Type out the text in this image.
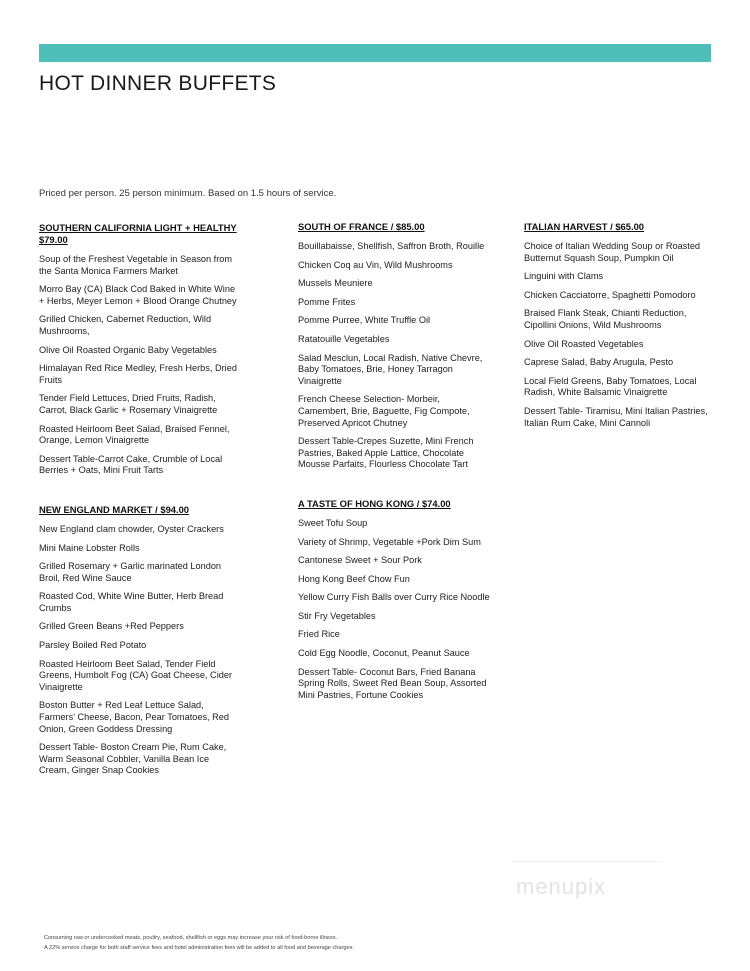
HOT DINNER BUFFETS
Priced per person. 25 person minimum. Based on 1.5 hours of service.
SOUTHERN CALIFORNIA LIGHT + HEALTHY $79.00
Soup of the Freshest Vegetable in Season from the Santa Monica Farmers Market
Morro Bay (CA) Black Cod Baked in White Wine + Herbs, Meyer Lemon + Blood Orange Chutney
Grilled Chicken, Cabernet Reduction, Wild Mushrooms,
Olive Oil Roasted Organic Baby Vegetables
Himalayan Red Rice Medley, Fresh Herbs, Dried Fruits
Tender Field Lettuces, Dried Fruits, Radish, Carrot, Black Garlic + Rosemary Vinaigrette
Roasted Heirloom Beet Salad, Braised Fennel, Orange, Lemon Vinaigrette
Dessert Table-Carrot Cake, Crumble of Local Berries + Oats, Mini Fruit Tarts
NEW ENGLAND MARKET / $94.00
New England clam chowder, Oyster Crackers
Mini Maine Lobster Rolls
Grilled Rosemary + Garlic marinated London Broil, Red Wine Sauce
Roasted Cod, White Wine Butter, Herb Bread Crumbs
Grilled Green Beans +Red Peppers
Parsley Boiled Red Potato
Roasted Heirloom Beet Salad, Tender Field Greens, Humbolt Fog (CA) Goat Cheese, Cider Vinaigrette
Boston Butter + Red Leaf Lettuce Salad, Farmers' Cheese, Bacon, Pear Tomatoes, Red Onion, Green Goddess Dressing
Dessert Table- Boston Cream Pie, Rum Cake, Warm Seasonal Cobbler, Vanilla Bean Ice Cream, Ginger Snap Cookies
SOUTH OF FRANCE / $85.00
Bouillabaisse, Shellfish, Saffron Broth, Rouille
Chicken Coq au Vin, Wild Mushrooms
Mussels Meuniere
Pomme Frites
Pomme Purree, White Truffle Oil
Ratatouille Vegetables
Salad Mesclun, Local Radish, Native Chevre, Baby Tomatoes, Brie, Honey Tarragon Vinaigrette
French Cheese Selection- Morbeir, Camembert, Brie, Baguette, Fig Compote, Preserved Apricot Chutney
Dessert Table-Crepes Suzette, Mini French Pastries, Baked Apple Lattice, Chocolate Mousse Parfaits, Flourless Chocolate Tart
A TASTE OF HONG KONG / $74.00
Sweet Tofu Soup
Variety of Shrimp, Vegetable +Pork Dim Sum
Cantonese Sweet + Sour Pork
Hong Kong Beef Chow Fun
Yellow Curry Fish Balls over Curry Rice Noodle
Stir Fry Vegetables
Fried Rice
Cold Egg Noodle, Coconut, Peanut Sauce
Dessert Table- Coconut Bars, Fried Banana Spring Rolls, Sweet Red Bean Soup, Assorted Mini Pastries, Fortune Cookies
ITALIAN HARVEST / $65.00
Choice of Italian Wedding Soup or Roasted Butternut Squash Soup, Pumpkin Oil
Linguini with Clams
Chicken Cacciatorre, Spaghetti Pomodoro
Braised Flank Steak, Chianti Reduction, Cipollini Onions, Wild Mushrooms
Olive Oil Roasted Vegetables
Caprese Salad, Baby Arugula, Pesto
Local Field Greens, Baby Tomatoes, Local Radish, White Balsamic Vinaigrette
Dessert Table- Tiramisu, Mini Italian Pastries, Italian Rum Cake, Mini Cannoli
menupix
Consuming raw or undercooked meats, poultry, seafood, shellfish or eggs may increase your risk of food-borne illness.
A 22% service charge for both staff service fees and hotel administration fees will be added to all food and beverage charges.
